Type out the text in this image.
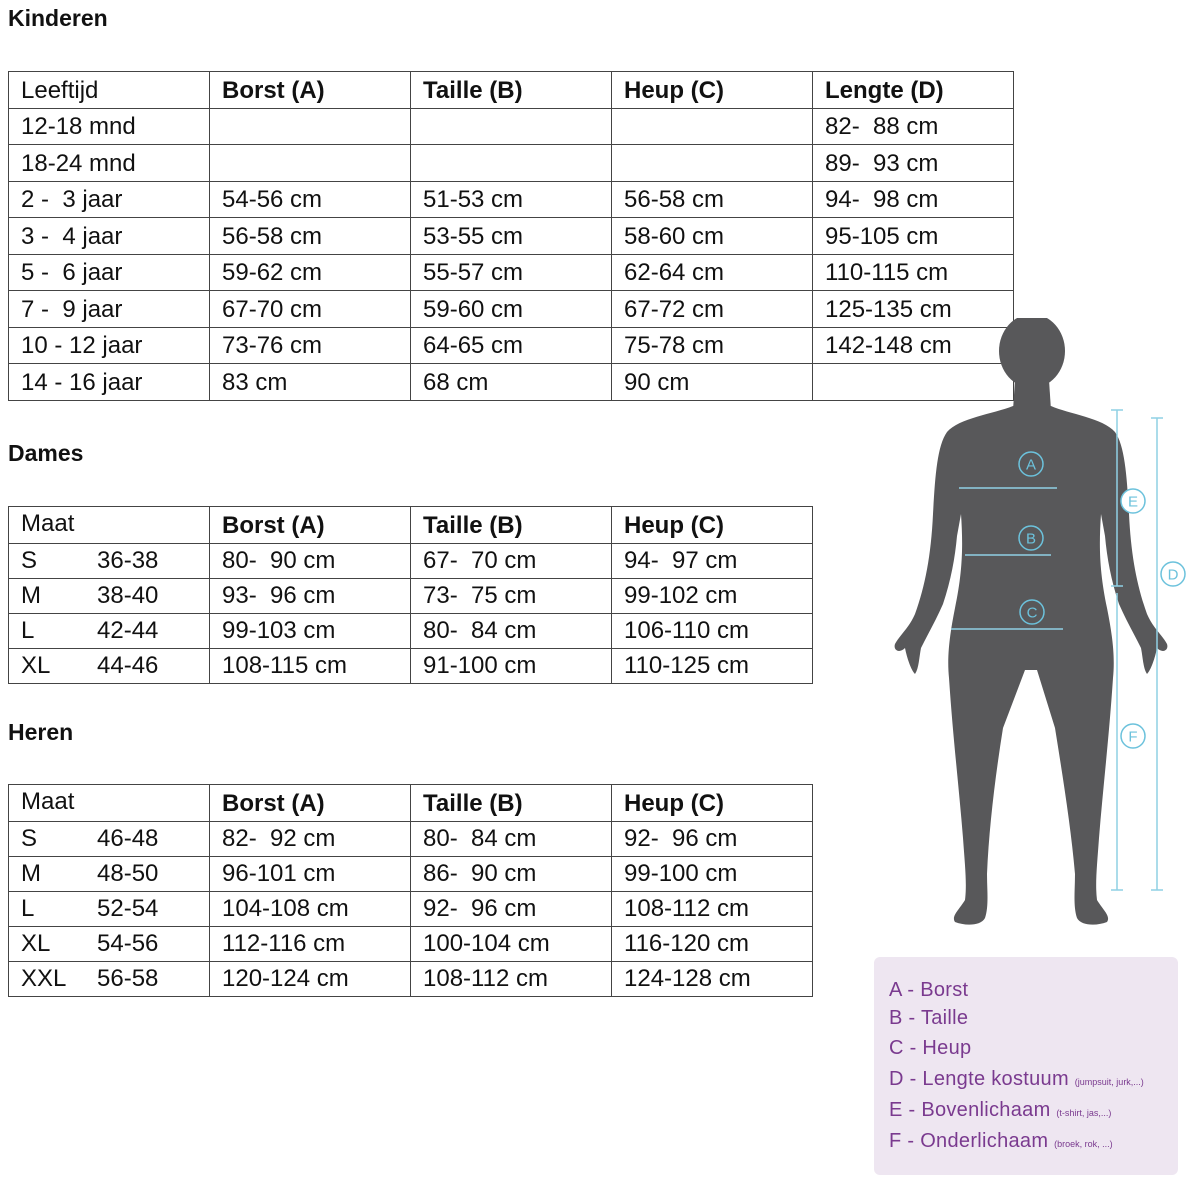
Kinderen
Leeftijd	Borst (A)	Taille (B)	Heup (C)	Lengte (D)
12-18 mnd				82-  88 cm
18-24 mnd				89-  93 cm
2 -  3 jaar	54-56 cm	51-53 cm	56-58 cm	94-  98 cm
3 -  4 jaar	56-58 cm	53-55 cm	58-60 cm	95-105 cm
5 -  6 jaar	59-62 cm	55-57 cm	62-64 cm	110-115 cm
7 -  9 jaar	67-70 cm	59-60 cm	67-72 cm	125-135 cm
10 - 12 jaar	73-76 cm	64-65 cm	75-78 cm	142-148 cm
14 - 16 jaar	83 cm	68 cm	90 cm	
Dames
Maat	Borst (A)	Taille (B)	Heup (C)
S 36-38	80-  90 cm	67-  70 cm	94-  97 cm
M 38-40	93-  96 cm	73-  75 cm	99-102 cm
L 42-44	99-103 cm	80-  84 cm	106-110 cm
XL 44-46	108-115 cm	91-100 cm	110-125 cm
Heren
Maat	Borst (A)	Taille (B)	Heup (C)
S 46-48	82-  92 cm	80-  84 cm	92-  96 cm
M 48-50	96-101 cm	86-  90 cm	99-100 cm
L 52-54	104-108 cm	92-  96 cm	108-112 cm
XL 54-56	112-116 cm	100-104 cm	116-120 cm
XXL 56-58	120-124 cm	108-112 cm	124-128 cm
A
B
C
D
E
F
A - Borst
B - Taille
C - Heup
D - Lengte kostuum (jumpsuit, jurk,...)
E - Bovenlichaam (t-shirt, jas,...)
F - Onderlichaam (broek, rok, ...)
